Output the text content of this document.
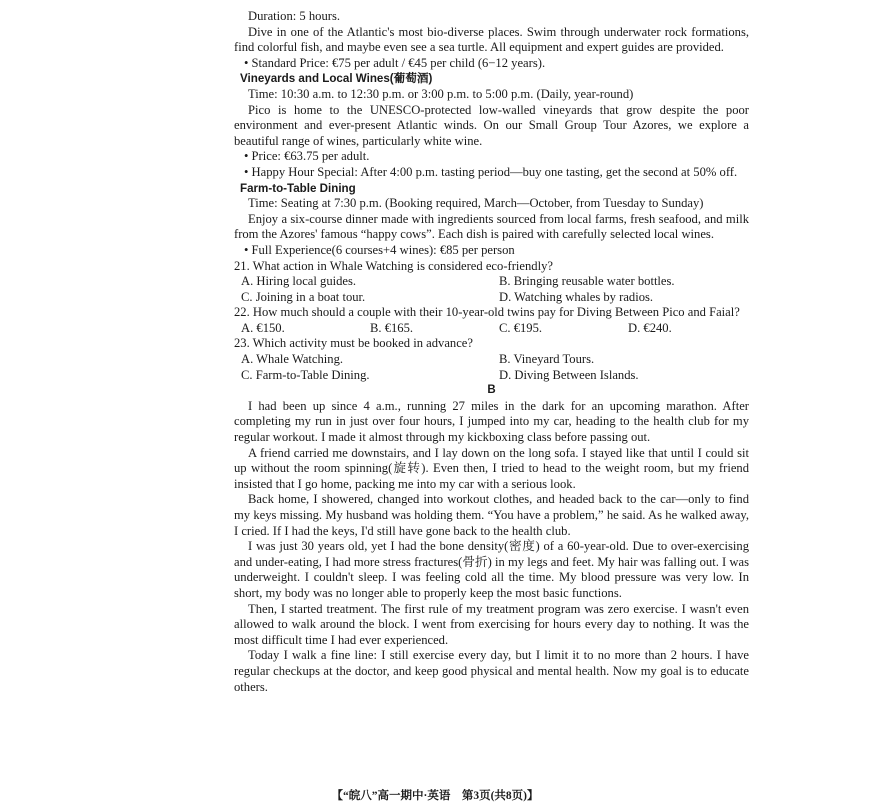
Duration: 5 hours.

Dive in one of the Atlantic's most bio-diverse places. Swim through underwater rock formations, find colorful fish, and maybe even see a sea turtle. All equipment and expert guides are provided.

• Standard Price: €75 per adult / €45 per child (6−12 years).

Vineyards and Local Wines(葡萄酒)

Time: 10:30 a.m. to 12:30 p.m. or 3:00 p.m. to 5:00 p.m. (Daily, year-round)

Pico is home to the UNESCO-protected low-walled vineyards that grow despite the poor environment and ever-present Atlantic winds. On our Small Group Tour Azores, we explore a beautiful range of wines, particularly white wine.

• Price: €63.75 per adult.

• Happy Hour Special: After 4:00 p.m. tasting period—buy one tasting, get the second at 50% off.

Farm-to-Table Dining

Time: Seating at 7:30 p.m. (Booking required, March—October, from Tuesday to Sunday)

Enjoy a six-course dinner made with ingredients sourced from local farms, fresh seafood, and milk from the Azores' famous “happy cows”. Each dish is paired with carefully selected local wines.

• Full Experience(6 courses+4 wines): €85 per person

21. What action in Whale Watching is considered eco-friendly?

A. Hiring local guides.	B. Bringing reusable water bottles.
C. Joining in a boat tour.	D. Watching whales by radios.

22. How much should a couple with their 10-year-old twins pay for Diving Between Pico and Faial?

A. €150.	B. €165.	C. €195.	D. €240.

23. Which activity must be booked in advance?

A. Whale Watching.	B. Vineyard Tours.
C. Farm-to-Table Dining.	D. Diving Between Islands.

B

I had been up since 4 a.m., running 27 miles in the dark for an upcoming marathon. After completing my run in just over four hours, I jumped into my car, heading to the health club for my regular workout. I made it almost through my kickboxing class before passing out.

A friend carried me downstairs, and I lay down on the long sofa. I stayed like that until I could sit up without the room spinning(旋转). Even then, I tried to head to the weight room, but my friend insisted that I go home, packing me into my car with a serious look.

Back home, I showered, changed into workout clothes, and headed back to the car—only to find my keys missing. My husband was holding them. “You have a problem,” he said. As he walked away, I cried. If I had the keys, I'd still have gone back to the health club.

I was just 30 years old, yet I had the bone density(密度) of a 60-year-old. Due to over-exercising and under-eating, I had more stress fractures(骨折) in my legs and feet. My hair was falling out. I was underweight. I couldn't sleep. I was feeling cold all the time. My blood pressure was very low. In short, my body was no longer able to properly keep the most basic functions.

Then, I started treatment. The first rule of my treatment program was zero exercise. I wasn't even allowed to walk around the block. I went from exercising for hours every day to nothing. It was the most difficult time I had ever experienced.

Today I walk a fine line: I still exercise every day, but I limit it to no more than 2 hours. I have regular checkups at the doctor, and keep good physical and mental health. Now my goal is to educate others.

【“皖八”高一期中·英语　第3页(共8页)】
